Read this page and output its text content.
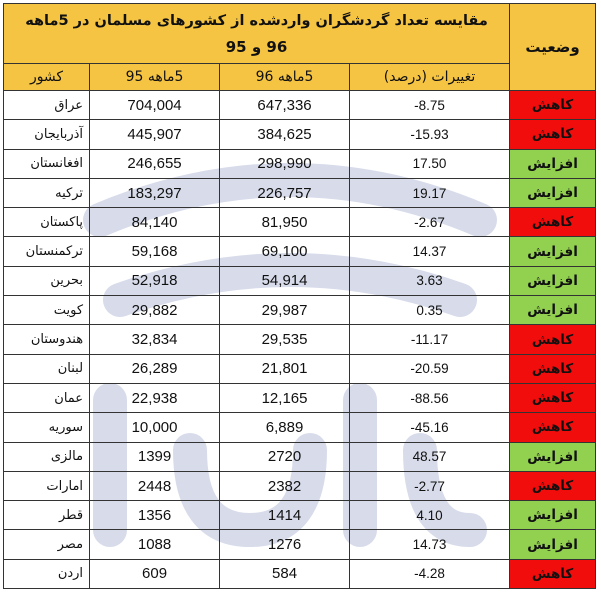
وضعیت	مقایسه تعداد گردشگران واردشده از کشورهای مسلمان در 5ماهه
96 و 95			

	تغییرات (درصد)	5ماهه 96	5ماهه 95	کشور
کاهش	-8.75	647,336	704,004	عراق
کاهش	-15.93	384,625	445,907	آذربایجان
افزایش	17.50	298,990	246,655	افغانستان
افزایش	19.17	226,757	183,297	ترکیه
کاهش	-2.67	81,950	84,140	پاکستان
افزایش	14.37	69,100	59,168	ترکمنستان
افزایش	3.63	54,914	52,918	بحرین
افزایش	0.35	29,987	29,882	کویت
کاهش	-11.17	29,535	32,834	هندوستان
کاهش	-20.59	21,801	26,289	لبنان
کاهش	-88.56	12,165	22,938	عمان
کاهش	-45.16	6,889	10,000	سوریه
افزایش	48.57	2720	1399	مالزی
کاهش	-2.77	2382	2448	امارات
افزایش	4.10	1414	1356	قطر
افزایش	14.73	1276	1088	مصر
کاهش	-4.28	584	609	اردن
